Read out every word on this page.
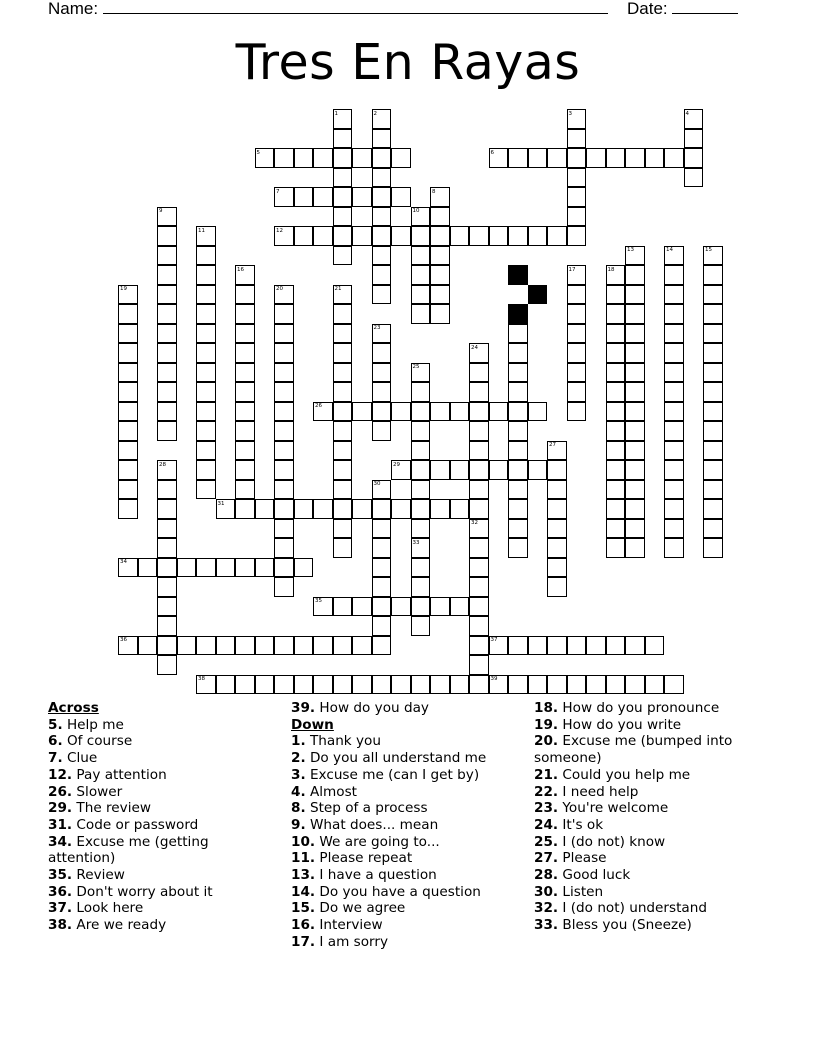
Name:	Date:
Tres En Rayas
1	2	3	4
5	6
7	8
9	10
11	12
13	14	15
16	17	18
19	20	21
22
23
24
25
26
27
28	29
30
31
32
33
34
35
36	37
38	39
Across
5. Help me
6. Of course
7. Clue
12. Pay attention
26. Slower
29. The review
31. Code or password
34. Excuse me (getting attention)
35. Review
36. Don't worry about it
37. Look here
38. Are we ready
39. How do you day
Down
1. Thank you
2. Do you all understand me
3. Excuse me (can I get by)
4. Almost
8. Step of a process
9. What does... mean
10. We are going to...
11. Please repeat
13. I have a question
14. Do you have a question
15. Do we agree
16. Interview
17. I am sorry
18. How do you pronounce
19. How do you write
20. Excuse me (bumped into someone)
21. Could you help me
22. I need help
23. You're welcome
24. It's ok
25. I (do not) know
27. Please
28. Good luck
30. Listen
32. I (do not) understand
33. Bless you (Sneeze)
